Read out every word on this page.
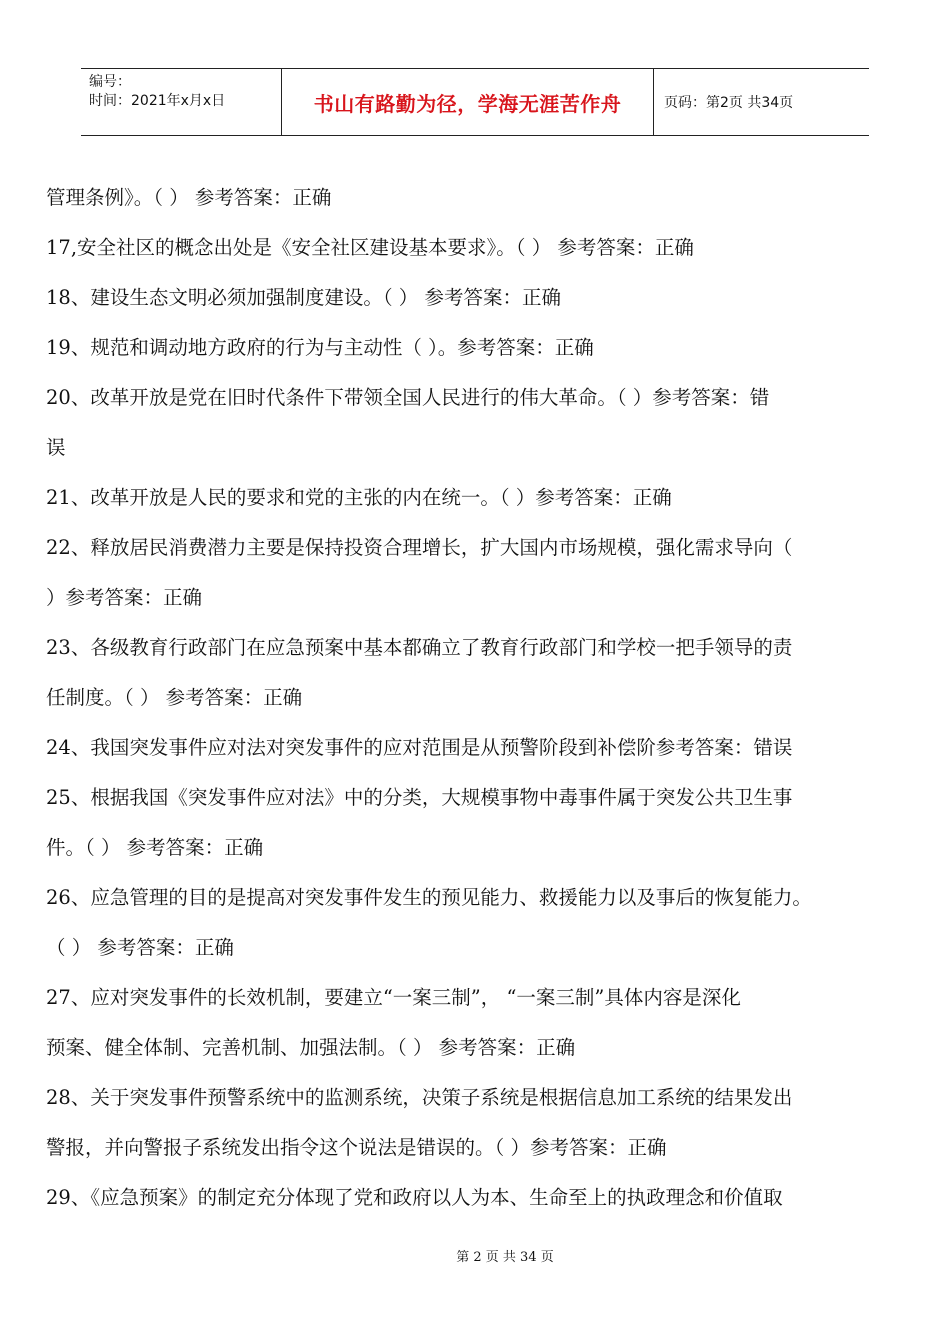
编号：
时间：2021年x月x日	书山有路勤为径，学海无涯苦作舟	页码：第2页 共34页
管理条例》。（ ） 参考答案：正确
17,安全社区的概念出处是《安全社区建设基本要求》。（ ） 参考答案：正确
18、建设生态文明必须加强制度建设。（ ） 参考答案：正确
19、规范和调动地方政府的行为与主动性（ ）。参考答案：正确
20、改革开放是党在旧时代条件下带领全国人民进行的伟大革命。（ ）参考答案：错
误
21、改革开放是人民的要求和党的主张的内在统一。（ ）参考答案：正确
22、释放居民消费潜力主要是保持投资合理增长，扩大国内市场规模，强化需求导向（
）参考答案：正确
23、各级教育行政部门在应急预案中基本都确立了教育行政部门和学校一把手领导的责
任制度。（ ） 参考答案：正确
24、我国突发事件应对法对突发事件的应对范围是从预警阶段到补偿阶参考答案：错误
25、根据我国《突发事件应对法》中的分类，大规模事物中毒事件属于突发公共卫生事
件。（ ） 参考答案：正确
26、应急管理的目的是提高对突发事件发生的预见能力、救援能力以及事后的恢复能力。
（ ） 参考答案：正确
27、应对突发事件的长效机制，要建立“一案三制”， “一案三制”具体内容是深化
预案、健全体制、完善机制、加强法制。（ ） 参考答案：正确
28、关于突发事件预警系统中的监测系统，决策子系统是根据信息加工系统的结果发出
警报，并向警报子系统发出指令这个说法是错误的。（ ）参考答案：正确
29、《应急预案》的制定充分体现了党和政府以人为本、生命至上的执政理念和价值取
第 2 页 共 34 页
